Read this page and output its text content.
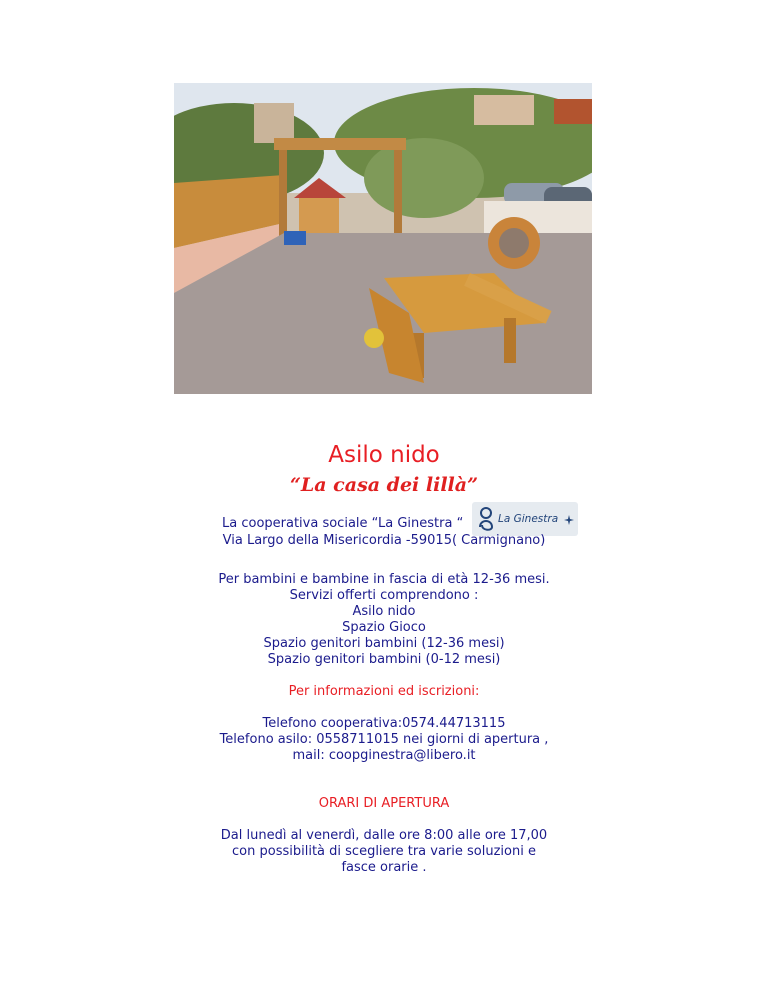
Asilo nido
“La casa dei lillà”
La Ginestra
La cooperativa sociale “La Ginestra “
Via Largo della Misericordia -59015( Carmignano)
Per bambini e bambine in fascia di età 12-36 mesi.
Servizi offerti comprendono :
Asilo nido
Spazio Gioco
Spazio genitori bambini (12-36 mesi)
Spazio genitori bambini (0-12 mesi)
Per informazioni ed iscrizioni:
Telefono cooperativa:0574.44713115
Telefono asilo: 0558711015 nei giorni di apertura ,
mail: coopginestra@libero.it
ORARI DI APERTURA
Dal lunedì al venerdì, dalle ore 8:00 alle ore 17,00
con possibilità di scegliere tra varie soluzioni e
fasce orarie .
